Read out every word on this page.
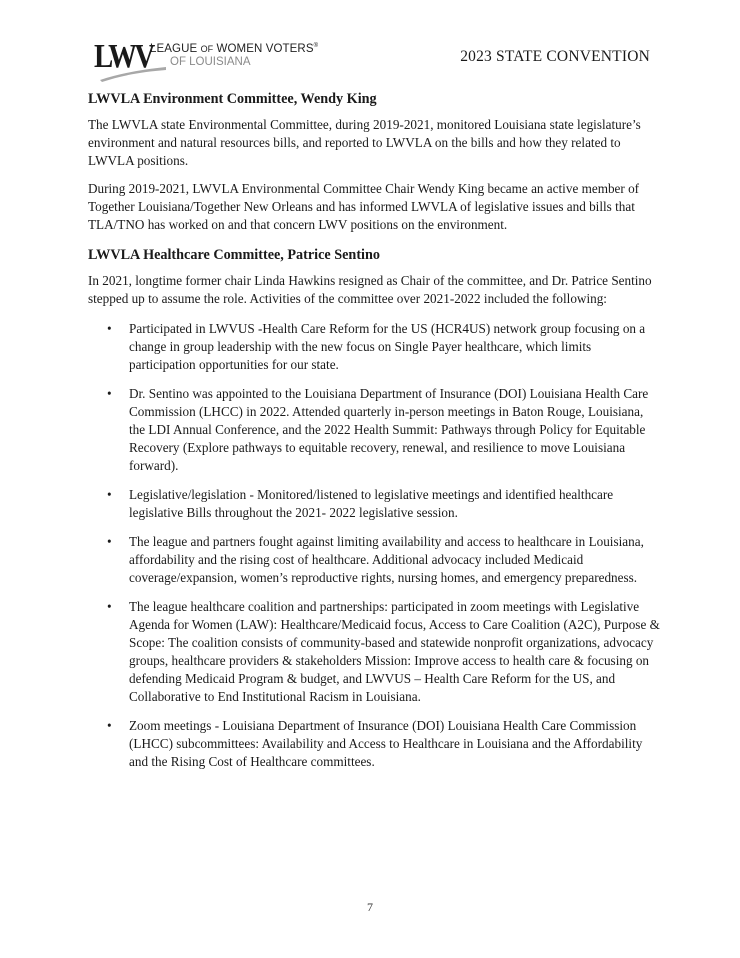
LWV
LEAGUE OF WOMEN VOTERS®
OF LOUISIANA	2023 STATE CONVENTION
LWVLA Environment Committee, Wendy King

The LWVLA state Environmental Committee, during 2019-2021, monitored Louisiana state legislature’s environment and natural resources bills, and reported to LWVLA on the bills and how they related to LWVLA positions.

During 2019-2021, LWVLA Environmental Committee Chair Wendy King became an active member of Together Louisiana/Together New Orleans and has informed LWVLA of legislative issues and bills that TLA/TNO has worked on and that concern LWV positions on the environment.

LWVLA Healthcare Committee, Patrice Sentino

In 2021, longtime former chair Linda Hawkins resigned as Chair of the committee, and Dr. Patrice Sentino stepped up to assume the role. Activities of the committee over 2021-2022 included the following:

• Participated in LWVUS -Health Care Reform for the US (HCR4US) network group focusing on a change in group leadership with the new focus on Single Payer healthcare, which limits participation opportunities for our state.
• Dr. Sentino was appointed to the Louisiana Department of Insurance (DOI) Louisiana Health Care Commission (LHCC) in 2022. Attended quarterly in-person meetings in Baton Rouge, Louisiana, the LDI Annual Conference, and the 2022 Health Summit: Pathways through Policy for Equitable Recovery (Explore pathways to equitable recovery, renewal, and resilience to move Louisiana forward).
• Legislative/legislation - Monitored/listened to legislative meetings and identified healthcare legislative Bills throughout the 2021- 2022 legislative session.
• The league and partners fought against limiting availability and access to healthcare in Louisiana, affordability and the rising cost of healthcare. Additional advocacy included Medicaid coverage/expansion, women’s reproductive rights, nursing homes, and emergency preparedness.
• The league healthcare coalition and partnerships: participated in zoom meetings with Legislative Agenda for Women (LAW): Healthcare/Medicaid focus, Access to Care Coalition (A2C), Purpose & Scope: The coalition consists of community-based and statewide nonprofit organizations, advocacy groups, healthcare providers & stakeholders Mission: Improve access to health care & focusing on defending Medicaid Program & budget, and LWVUS – Health Care Reform for the US, and Collaborative to End Institutional Racism in Louisiana.
• Zoom meetings - Louisiana Department of Insurance (DOI) Louisiana Health Care Commission (LHCC) subcommittees: Availability and Access to Healthcare in Louisiana and the Affordability and the Rising Cost of Healthcare committees.
7
